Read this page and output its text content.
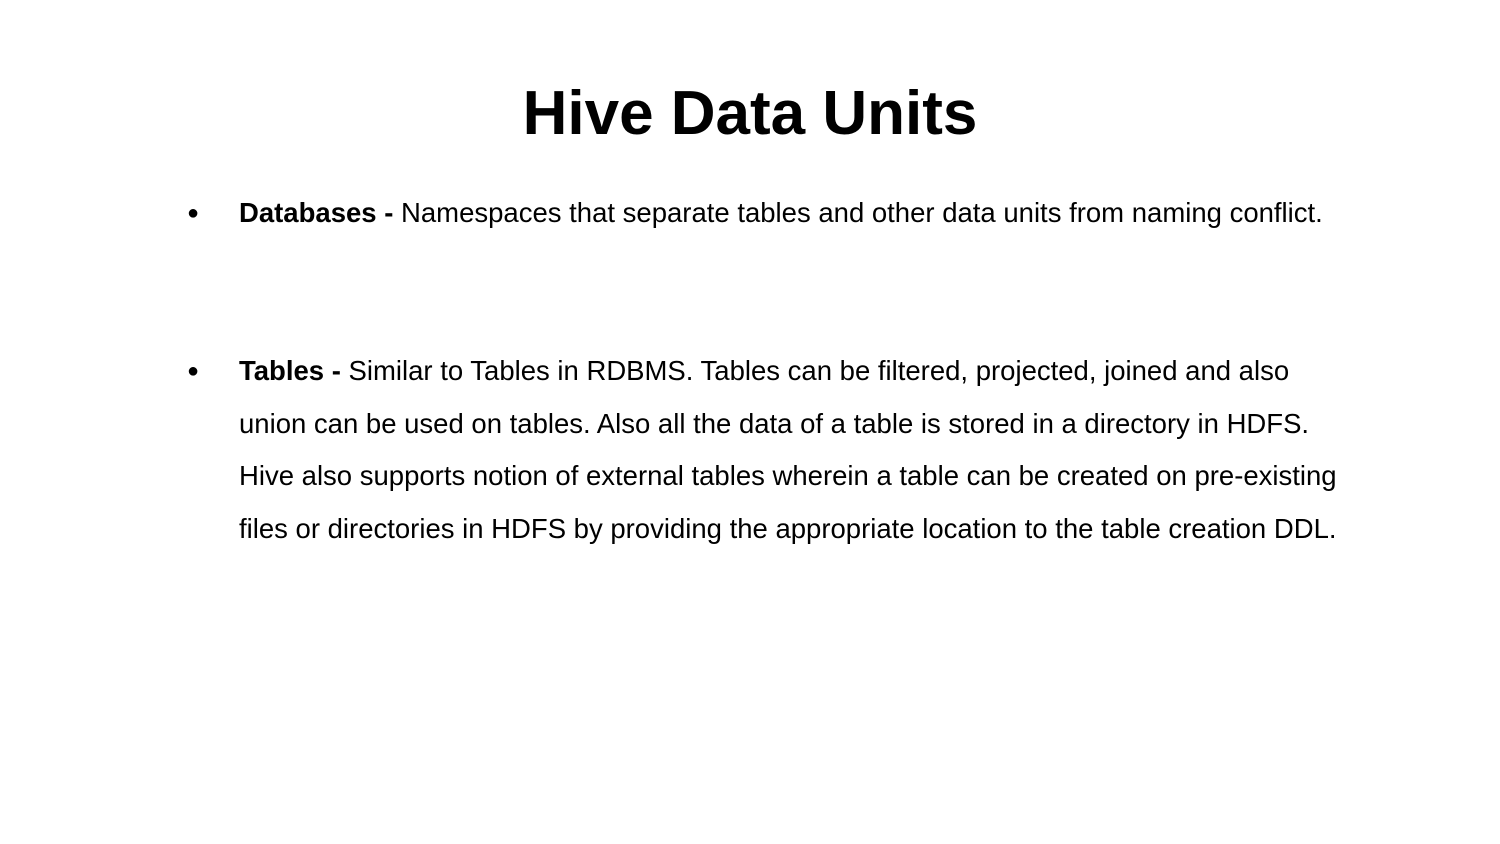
Hive Data Units
● Databases - Namespaces that separate tables and other data units from naming conflict.
● Tables - Similar to Tables in RDBMS. Tables can be filtered, projected, joined and also union can be used on tables. Also all the data of a table is stored in a directory in HDFS. Hive also supports notion of external tables wherein a table can be created on pre-existing files or directories in HDFS by providing the appropriate location to the table creation DDL.
